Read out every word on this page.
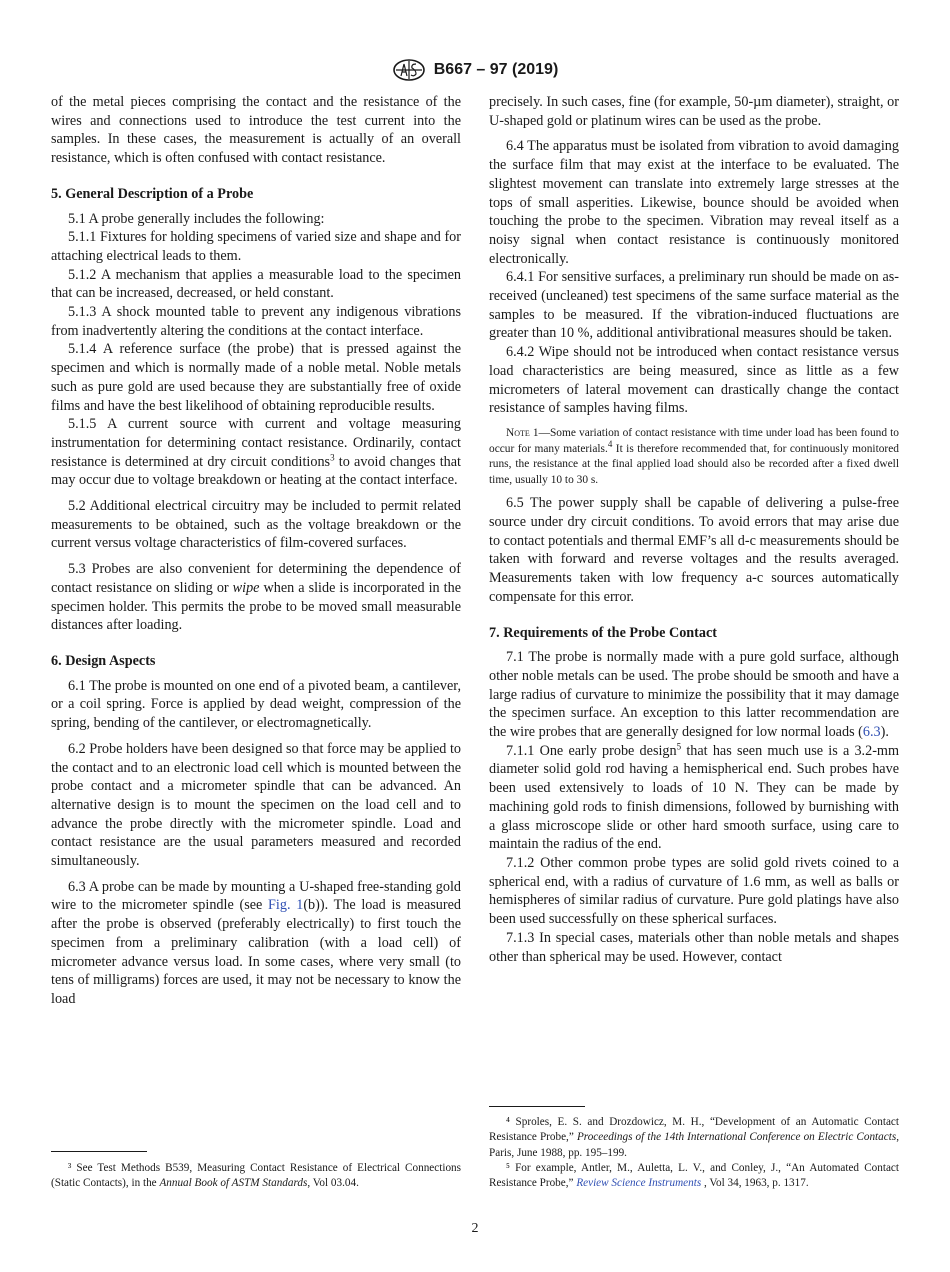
B667 – 97 (2019)

of the metal pieces comprising the contact and the resistance of the wires and connections used to introduce the test current into the samples. In these cases, the measurement is actually of an overall resistance, which is often confused with contact resistance.

5. General Description of a Probe

5.1 A probe generally includes the following:

5.1.1 Fixtures for holding specimens of varied size and shape and for attaching electrical leads to them.

5.1.2 A mechanism that applies a measurable load to the specimen that can be increased, decreased, or held constant.

5.1.3 A shock mounted table to prevent any indigenous vibrations from inadvertently altering the conditions at the contact interface.

5.1.4 A reference surface (the probe) that is pressed against the specimen and which is normally made of a noble metal. Noble metals such as pure gold are used because they are substantially free of oxide films and have the best likelihood of obtaining reproducible results.

5.1.5 A current source with current and voltage measuring instrumentation for determining contact resistance. Ordinarily, contact resistance is determined at dry circuit conditions$^3$ to avoid changes that may occur due to voltage breakdown or heating at the contact interface.

5.2 Additional electrical circuitry may be included to permit related measurements to be obtained, such as the voltage breakdown or the current versus voltage characteristics of film-covered surfaces.

5.3 Probes are also convenient for determining the dependence of contact resistance on sliding or wipe when a slide is incorporated in the specimen holder. This permits the probe to be moved small measurable distances after loading.

6. Design Aspects

6.1 The probe is mounted on one end of a pivoted beam, a cantilever, or a coil spring. Force is applied by dead weight, compression of the spring, bending of the cantilever, or electromagnetically.

6.2 Probe holders have been designed so that force may be applied to the contact and to an electronic load cell which is mounted between the probe contact and a micrometer spindle that can be advanced. An alternative design is to mount the specimen on the load cell and to advance the probe directly with the micrometer spindle. Load and contact resistance are the usual parameters measured and recorded simultaneously.

6.3 A probe can be made by mounting a U-shaped free-standing gold wire to the micrometer spindle (see Fig. 1(b)). The load is measured after the probe is observed (preferably electrically) to first touch the specimen from a preliminary calibration (with a load cell) of micrometer advance versus load. In some cases, where very small (to tens of milligrams) forces are used, it may not be necessary to know the load

³ See Test Methods B539, Measuring Contact Resistance of Electrical Connections (Static Contacts), in the Annual Book of ASTM Standards, Vol 03.04.

precisely. In such cases, fine (for example, 50-µm diameter), straight, or U-shaped gold or platinum wires can be used as the probe.

6.4 The apparatus must be isolated from vibration to avoid damaging the surface film that may exist at the interface to be evaluated. The slightest movement can translate into extremely large stresses at the tops of small asperities. Likewise, bounce should be avoided when touching the probe to the specimen. Vibration may reveal itself as a noisy signal when contact resistance is continuously monitored electronically.

6.4.1 For sensitive surfaces, a preliminary run should be made on as-received (uncleaned) test specimens of the same surface material as the samples to be measured. If the vibration-induced fluctuations are greater than 10 %, additional antivibrational measures should be taken.

6.4.2 Wipe should not be introduced when contact resistance versus load characteristics are being measured, since as little as a few micrometers of lateral movement can drastically change the contact resistance of samples having films.

Note 1—Some variation of contact resistance with time under load has been found to occur for many materials.$^4$ It is therefore recommended that, for continuously monitored runs, the resistance at the final applied load should also be recorded after a fixed dwell time, usually 10 to 30 s.

6.5 The power supply shall be capable of delivering a pulse-free source under dry circuit conditions. To avoid errors that may arise due to contact potentials and thermal EMF’s all d-c measurements should be taken with forward and reverse voltages and the results averaged. Measurements taken with low frequency a-c sources automatically compensate for this error.

7. Requirements of the Probe Contact

7.1 The probe is normally made with a pure gold surface, although other noble metals can be used. The probe should be smooth and have a large radius of curvature to minimize the possibility that it may damage the specimen surface. An exception to this latter recommendation are the wire probes that are generally designed for low normal loads (6.3).

7.1.1 One early probe design$^5$ that has seen much use is a 3.2-mm diameter solid gold rod having a hemispherical end. Such probes have been used extensively to loads of 10 N. They can be made by machining gold rods to finish dimensions, followed by burnishing with a glass microscope slide or other hard smooth surface, using care to maintain the radius of the end.

7.1.2 Other common probe types are solid gold rivets coined to a spherical end, with a radius of curvature of 1.6 mm, as well as balls or hemispheres of similar radius of curvature. Pure gold platings have also been used successfully on these spherical surfaces.

7.1.3 In special cases, materials other than noble metals and shapes other than spherical may be used. However, contact

⁴ Sproles, E. S. and Drozdowicz, M. H., “Development of an Automatic Contact Resistance Probe,” Proceedings of the 14th International Conference on Electric Contacts, Paris, June 1988, pp. 195–199.

⁵ For example, Antler, M., Auletta, L. V., and Conley, J., “An Automated Contact Resistance Probe,” Review Science Instruments , Vol 34, 1963, p. 1317.

2
